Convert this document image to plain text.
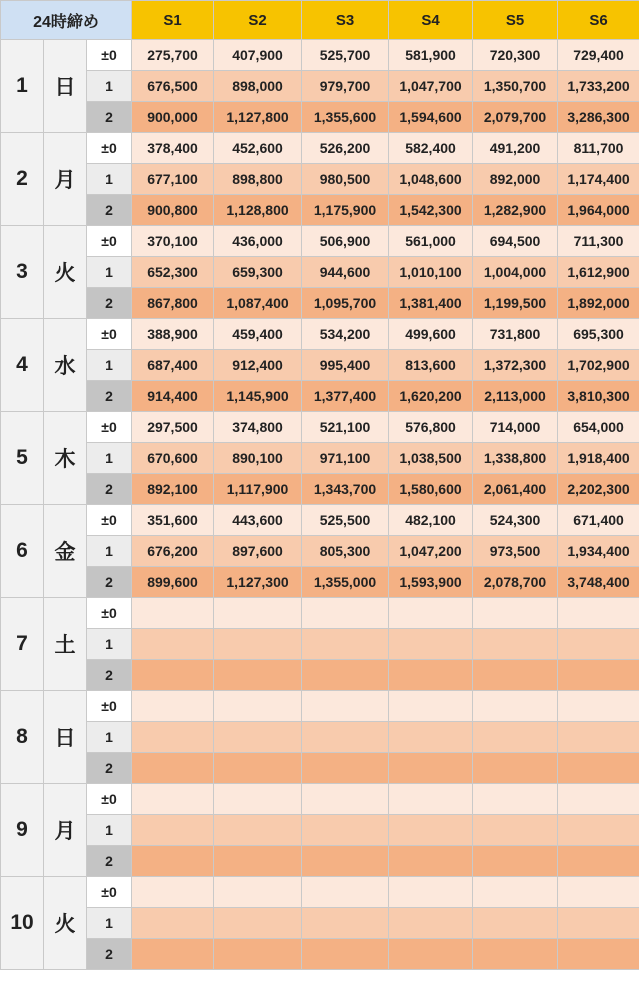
24時締め			S1	S2	S3	S4	S5	S6
1	日	±0	275,700	407,900	525,700	581,900	720,300	729,400
		1	676,500	898,000	979,700	1,047,700	1,350,700	1,733,200
		2	900,000	1,127,800	1,355,600	1,594,600	2,079,700	3,286,300
2	月	±0	378,400	452,600	526,200	582,400	491,200	811,700
		1	677,100	898,800	980,500	1,048,600	892,000	1,174,400
		2	900,800	1,128,800	1,175,900	1,542,300	1,282,900	1,964,000
3	火	±0	370,100	436,000	506,900	561,000	694,500	711,300
		1	652,300	659,300	944,600	1,010,100	1,004,000	1,612,900
		2	867,800	1,087,400	1,095,700	1,381,400	1,199,500	1,892,000
4	水	±0	388,900	459,400	534,200	499,600	731,800	695,300
		1	687,400	912,400	995,400	813,600	1,372,300	1,702,900
		2	914,400	1,145,900	1,377,400	1,620,200	2,113,000	3,810,300
5	木	±0	297,500	374,800	521,100	576,800	714,000	654,000
		1	670,600	890,100	971,100	1,038,500	1,338,800	1,918,400
		2	892,100	1,117,900	1,343,700	1,580,600	2,061,400	2,202,300
6	金	±0	351,600	443,600	525,500	482,100	524,300	671,400
		1	676,200	897,600	805,300	1,047,200	973,500	1,934,400
		2	899,600	1,127,300	1,355,000	1,593,900	2,078,700	3,748,400
7	土	±0						
		1						
		2						
8	日	±0						
		1						
		2						
9	月	±0						
		1						
		2						
10	火	±0						
		1						
		2						
